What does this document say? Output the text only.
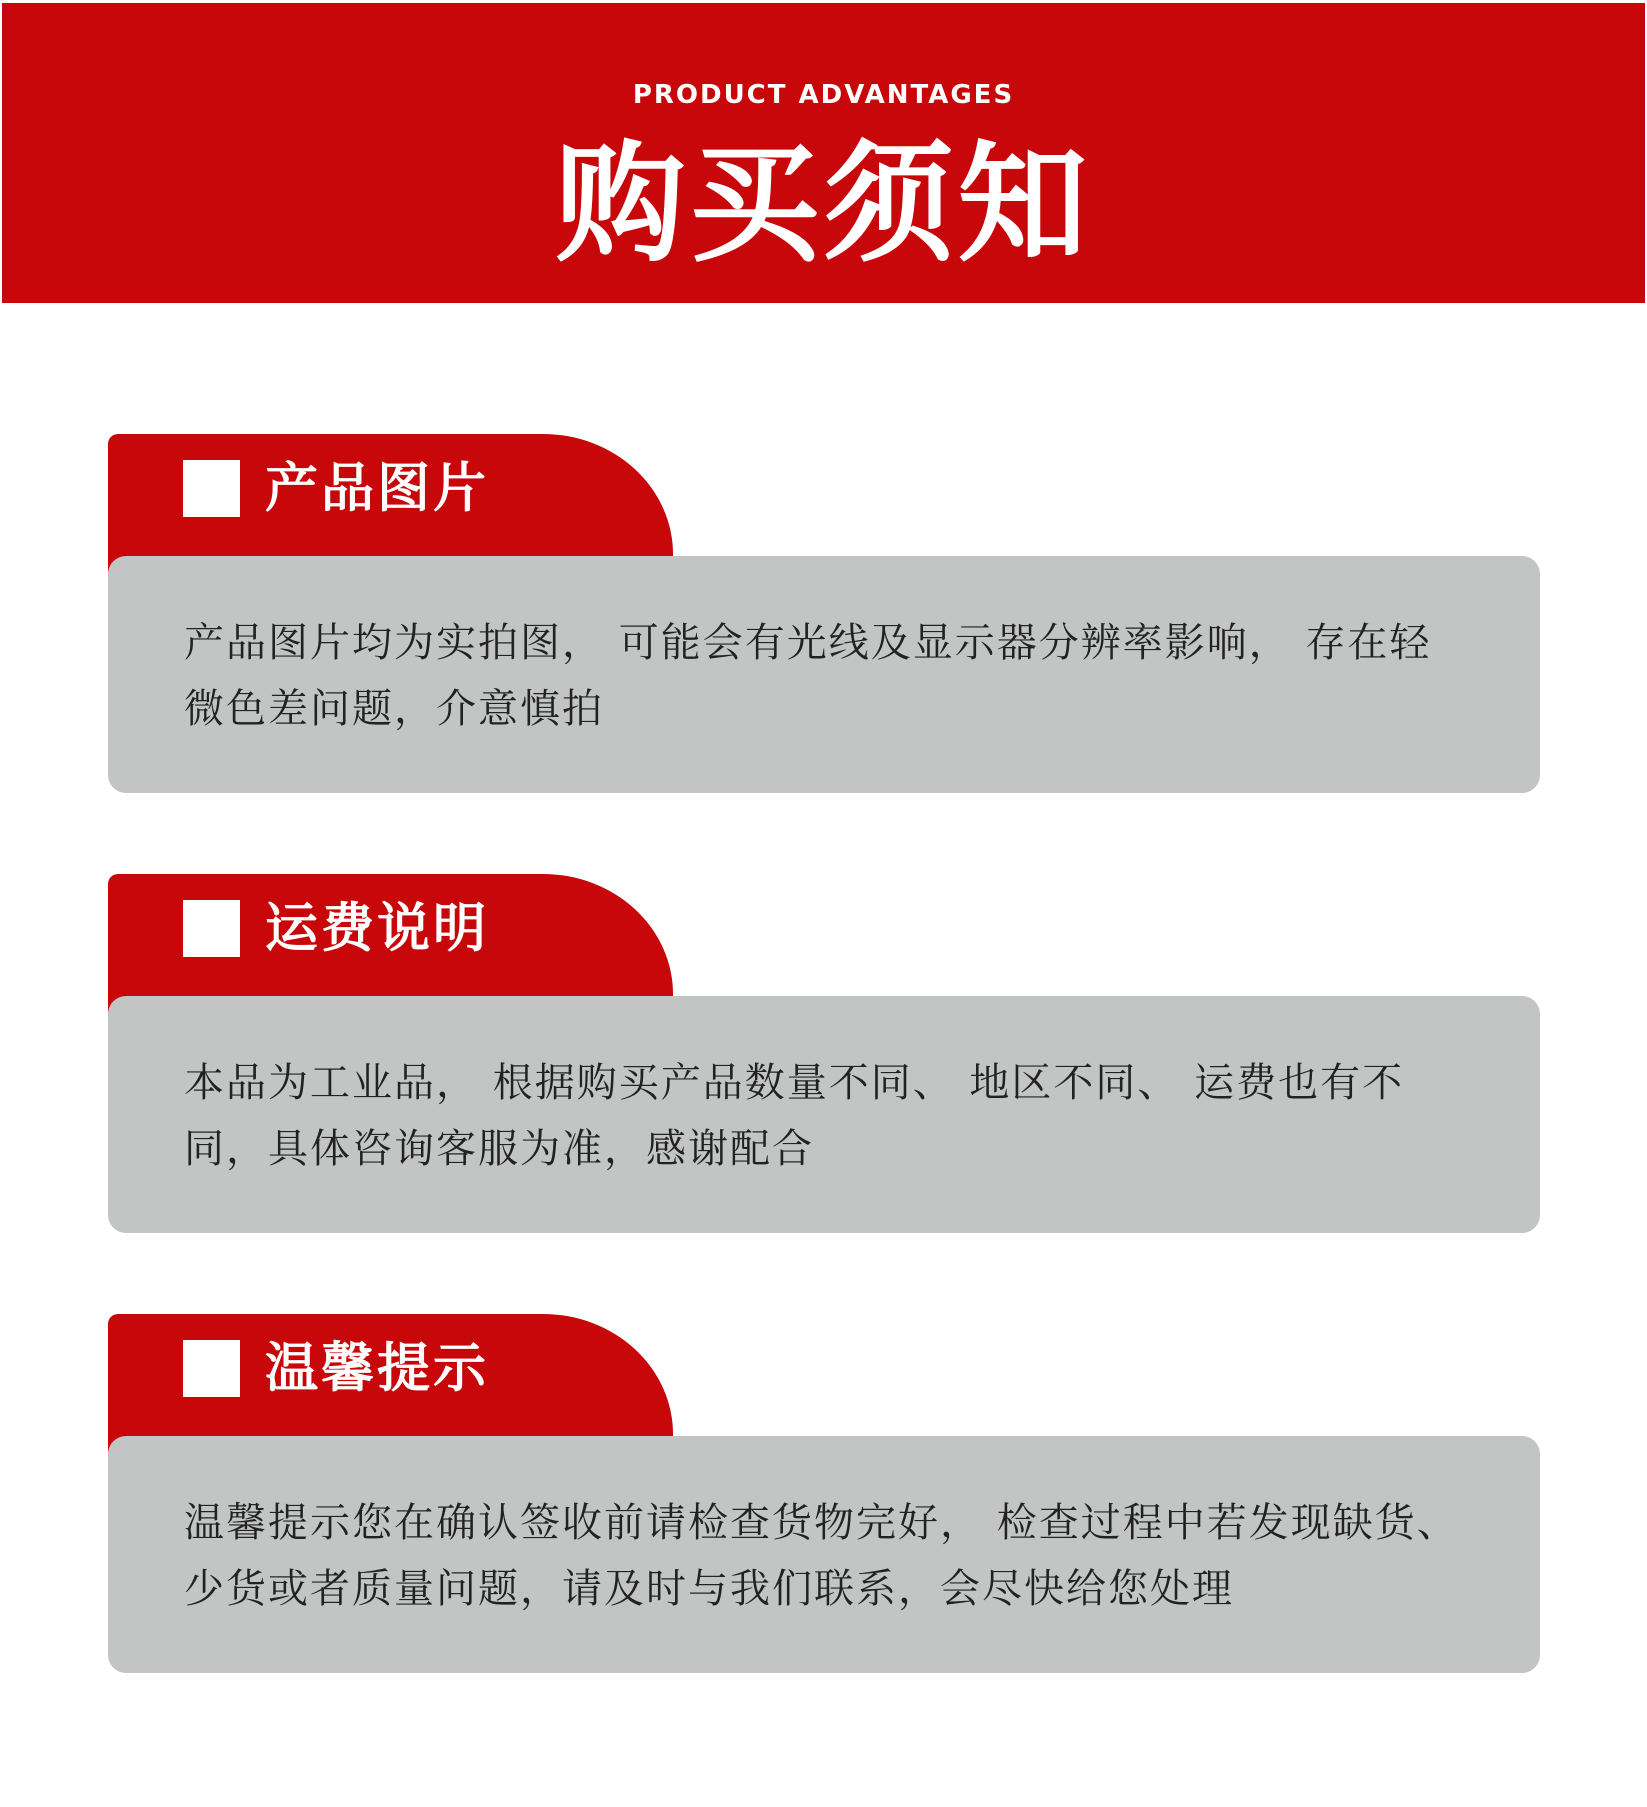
PRODUCT ADVANTAGES
购买须知
产品图片
产品图片均为实拍图， 可能会有光线及显示器分辨率影响， 存在轻微色差问题，介意慎拍
运费说明
本品为工业品， 根据购买产品数量不同、 地区不同、 运费也有不同，具体咨询客服为准，感谢配合
温馨提示
温馨提示您在确认签收前请检查货物完好， 检查过程中若发现缺货、少货或者质量问题，请及时与我们联系，会尽快给您处理
